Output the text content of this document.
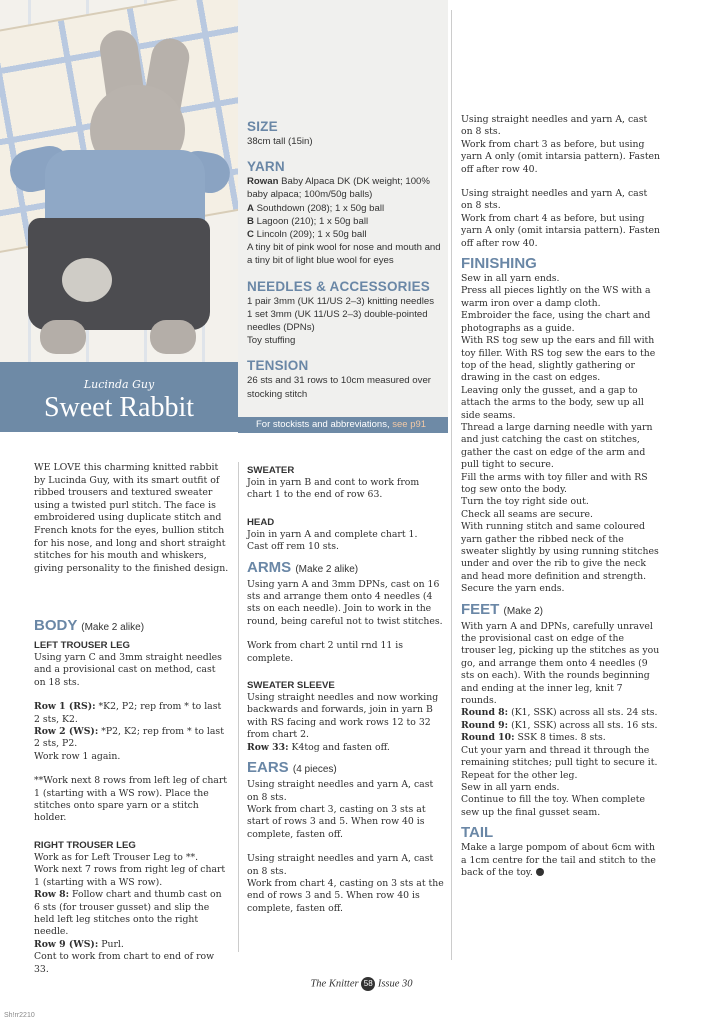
Lucinda Guy
Sweet Rabbit
SIZE
38cm tall (15in)
YARN
Rowan Baby Alpaca DK (DK weight; 100% baby alpaca; 100m/50g balls)
A Southdown (208); 1 x 50g ball
B Lagoon (210); 1 x 50g ball
C Lincoln (209); 1 x 50g ball
A tiny bit of pink wool for nose and mouth and a tiny bit of light blue wool for eyes
NEEDLES & ACCESSORIES
1 pair 3mm (UK 11/US 2–3) knitting needles
1 set 3mm (UK 11/US 2–3) double-pointed needles (DPNs)
Toy stuffing
TENSION
26 sts and 31 rows to 10cm measured over stocking stitch
For stockists and abbreviations, see p91
WE LOVE this charming knitted rabbit by Lucinda Guy, with its smart outfit of ribbed trousers and textured sweater using a twisted purl stitch. The face is embroidered using duplicate stitch and French knots for the eyes, bullion stitch for his nose, and long and short straight stitches for his mouth and whiskers, giving personality to the finished design.
BODY (Make 2 alike)
LEFT TROUSER LEG

Using yarn C and 3mm straight needles and a provisional cast on method, cast on 18 sts.

Row 1 (RS): *K2, P2; rep from * to last 2 sts, K2.

Row 2 (WS): *P2, K2; rep from * to last 2 sts, P2.

Work row 1 again.

**Work next 8 rows from left leg of chart 1 (starting with a WS row). Place the stitches onto spare yarn or a stitch holder.

RIGHT TROUSER LEG

Work as for Left Trouser Leg to **.

Work next 7 rows from right leg of chart 1 (starting with a WS row).

Row 8: Follow chart and thumb cast on 6 sts (for trouser gusset) and slip the held left leg stitches onto the right needle.

Row 9 (WS): Purl.

Cont to work from chart to end of row 33.

SWEATER

Join in yarn B and cont to work from chart 1 to the end of row 63.

HEAD

Join in yarn A and complete chart 1.

Cast off rem 10 sts.

ARMS (Make 2 alike)

Using yarn A and 3mm DPNs, cast on 16 sts and arrange them onto 4 needles (4 sts on each needle). Join to work in the round, being careful not to twist stitches.

Work from chart 2 until rnd 11 is complete.

SWEATER SLEEVE

Using straight needles and now working backwards and forwards, join in yarn B with RS facing and work rows 12 to 32 from chart 2.

Row 33: K4tog and fasten off.

EARS (4 pieces)

Using straight needles and yarn A, cast on 8 sts.

Work from chart 3, casting on 3 sts at start of rows 3 and 5. When row 40 is complete, fasten off.

Using straight needles and yarn A, cast on 8 sts.

Work from chart 4, casting on 3 sts at the end of rows 3 and 5. When row 40 is complete, fasten off.

Using straight needles and yarn A, cast on 8 sts.

Work from chart 3 as before, but using yarn A only (omit intarsia pattern). Fasten off after row 40.

Using straight needles and yarn A, cast on 8 sts.

Work from chart 4 as before, but using yarn A only (omit intarsia pattern). Fasten off after row 40.

FINISHING

Sew in all yarn ends.

Press all pieces lightly on the WS with a warm iron over a damp cloth.

Embroider the face, using the chart and photographs as a guide.

With RS tog sew up the ears and fill with toy filler. With RS tog sew the ears to the top of the head, slightly gathering or drawing in the cast on edges.

Leaving only the gusset, and a gap to attach the arms to the body, sew up all side seams.

Thread a large darning needle with yarn and just catching the cast on stitches, gather the cast on edge of the arm and pull tight to secure.

Fill the arms with toy filler and with RS tog sew onto the body.

Turn the toy right side out.

Check all seams are secure.

With running stitch and same coloured yarn gather the ribbed neck of the sweater slightly by using running stitches under and over the rib to give the neck and head more definition and strength.

Secure the yarn ends.

FEET (Make 2)

With yarn A and DPNs, carefully unravel the provisional cast on edge of the trouser leg, picking up the stitches as you go, and arrange them onto 4 needles (9 sts on each). With the rounds beginning and ending at the inner leg, knit 7 rounds.

Round 8: (K1, SSK) across all sts. 24 sts.

Round 9: (K1, SSK) across all sts. 16 sts.

Round 10: SSK 8 times. 8 sts.

Cut your yarn and thread it through the remaining stitches; pull tight to secure it.

Repeat for the other leg.

Sew in all yarn ends.

Continue to fill the toy. When complete sew up the final gusset seam.

TAIL

Make a large pompom of about 6cm with a 1cm centre for the tail and stitch to the back of the toy.

The Knitter 58 Issue 30
Sh!rr2210
